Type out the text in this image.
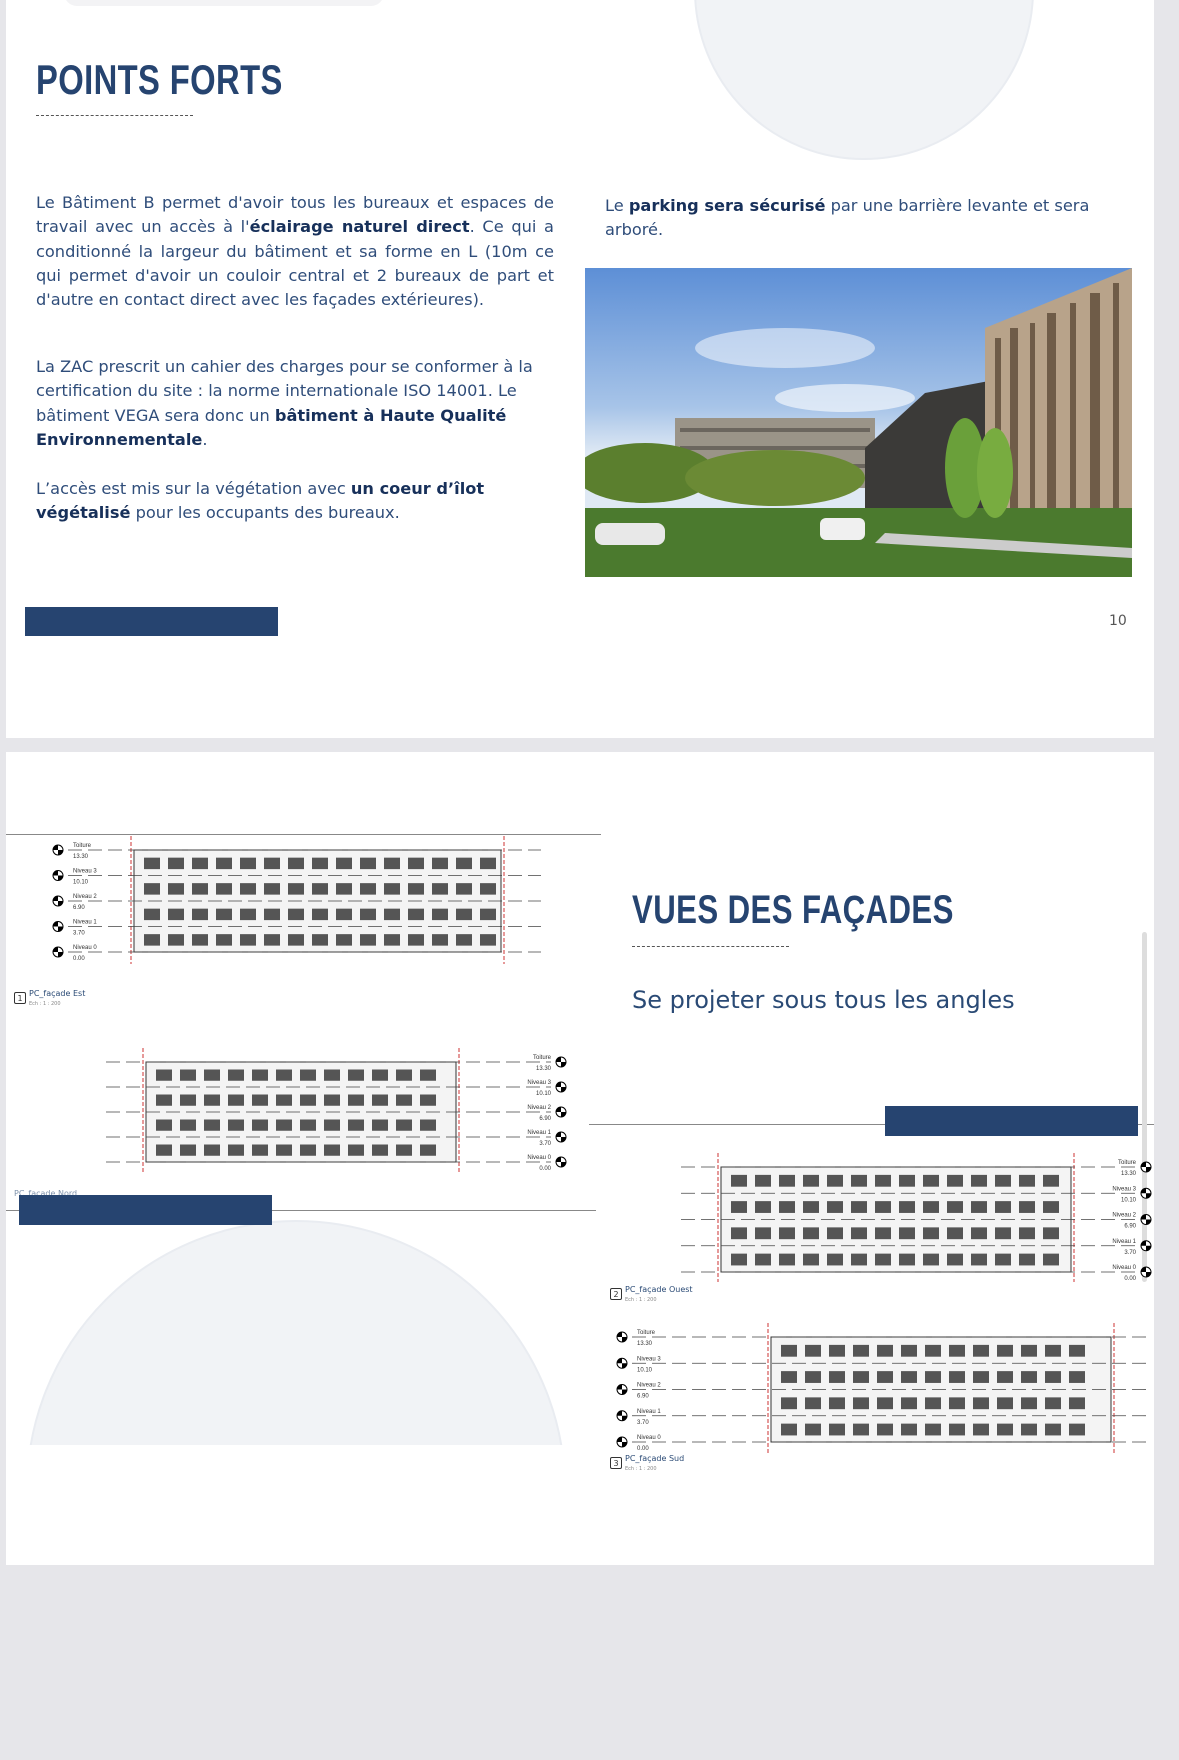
POINTS FORTS
Le Bâtiment B permet d'avoir tous les bureaux et espaces de travail avec un accès à l'éclairage naturel direct. Ce qui a conditionné la largeur du bâtiment et sa forme en L (10m ce qui permet d'avoir un couloir central et 2 bureaux de part et d'autre en contact direct avec les façades extérieures).
La ZAC prescrit un cahier des charges pour se conformer à la certification du site : la norme internationale ISO 14001. Le bâtiment VEGA sera donc un bâtiment à Haute Qualité Environnementale.
L’accès est mis sur la végétation avec un coeur d’îlot végétalisé pour les occupants des bureaux.
Le parking sera sécurisé par une barrière levante et sera arboré.
10
VUES DES FAÇADES
Se projeter sous tous les angles
Toiture
13.30
Niveau 3
10.10
Niveau 2
6.90
Niveau 1
3.70
Niveau 0
0.00
Toiture
13.30
Niveau 3
10.10
Niveau 2
6.90
Niveau 1
3.70
Niveau 0
0.00
Toiture
13.30
Niveau 3
10.10
Niveau 2
6.90
Niveau 1
3.70
Niveau 0
0.00
Toiture
13.30
Niveau 3
10.10
Niveau 2
6.90
Niveau 1
3.70
Niveau 0
0.00
1 PC_façade Est
Ech : 1 : 200
PC_façade Nord
2 PC_façade Ouest
Ech : 1 : 200
3 PC_façade Sud
Ech : 1 : 200
